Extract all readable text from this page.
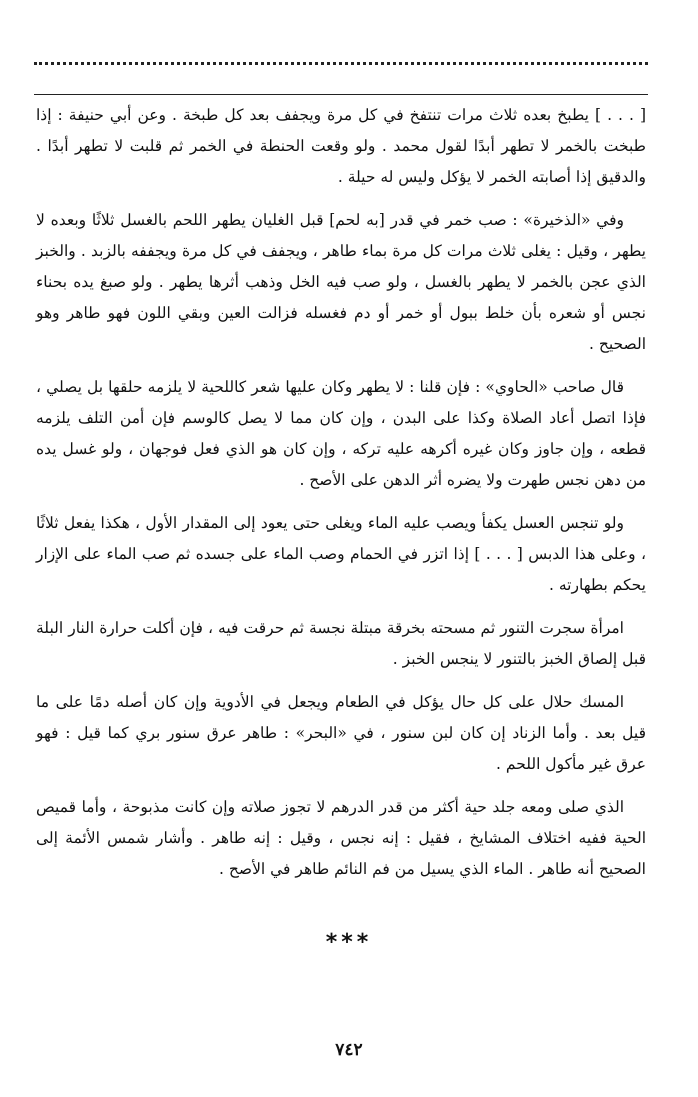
[ . . . ] يطبخ بعده ثلاث مرات تنتفخ في كل مرة ويجفف بعد كل طبخة . وعن أبي حنيفة : إذا طبخت بالخمر لا تطهر أبدًا لقول محمد . ولو وقعت الحنطة في الخمر ثم قلبت لا تطهر أبدًا . والدقيق إذا أصابته الخمر لا يؤكل وليس له حيلة .

وفي «الذخيرة» : صب خمر في قدر [به لحم] قبل الغليان يطهر اللحم بالغسل ثلاثًا وبعده لا يطهر ، وقيل : يغلى ثلاث مرات كل مرة بماء طاهر ، ويجفف في كل مرة ويجففه بالزبد . والخبز الذي عجن بالخمر لا يطهر بالغسل ، ولو صب فيه الخل وذهب أثرها يطهر . ولو صبغ يده بحناء نجس أو شعره بأن خلط ببول أو خمر أو دم فغسله فزالت العين وبقي اللون فهو طاهر وهو الصحيح .

قال صاحب «الحاوي» : فإن قلنا : لا يطهر وكان عليها شعر كاللحية لا يلزمه حلقها بل يصلي ، فإذا اتصل أعاد الصلاة وكذا على البدن ، وإن كان مما لا يصل كالوسم فإن أمن التلف يلزمه قطعه ، وإن جاوز وكان غيره أكرهه عليه تركه ، وإن كان هو الذي فعل فوجهان ، ولو غسل يده من دهن نجس طهرت ولا يضره أثر الدهن على الأصح .

ولو تنجس العسل يكفأ ويصب عليه الماء ويغلى حتى يعود إلى المقدار الأول ، هكذا يفعل ثلاثًا ، وعلى هذا الدبس [ . . . ] إذا اتزر في الحمام وصب الماء على جسده ثم صب الماء على الإزار يحكم بطهارته .

امرأة سجرت التنور ثم مسحته بخرقة مبتلة نجسة ثم حرقت فيه ، فإن أكلت حرارة النار البلة قبل إلصاق الخبز بالتنور لا ينجس الخبز .

المسك حلال على كل حال يؤكل في الطعام ويجعل في الأدوية وإن كان أصله دمًا على ما قيل بعد . وأما الزناد إن كان لبن سنور ، في «البحر» : طاهر عرق سنور بري كما قيل : فهو عرق غير مأكول اللحم .

الذي صلى ومعه جلد حية أكثر من قدر الدرهم لا تجوز صلاته وإن كانت مذبوحة ، وأما قميص الحية ففيه اختلاف المشايخ ، فقيل : إنه نجس ، وقيل : إنه طاهر . وأشار شمس الأئمة إلى الصحيح أنه طاهر . الماء الذي يسيل من فم النائم طاهر في الأصح .

***
٧٤٢
